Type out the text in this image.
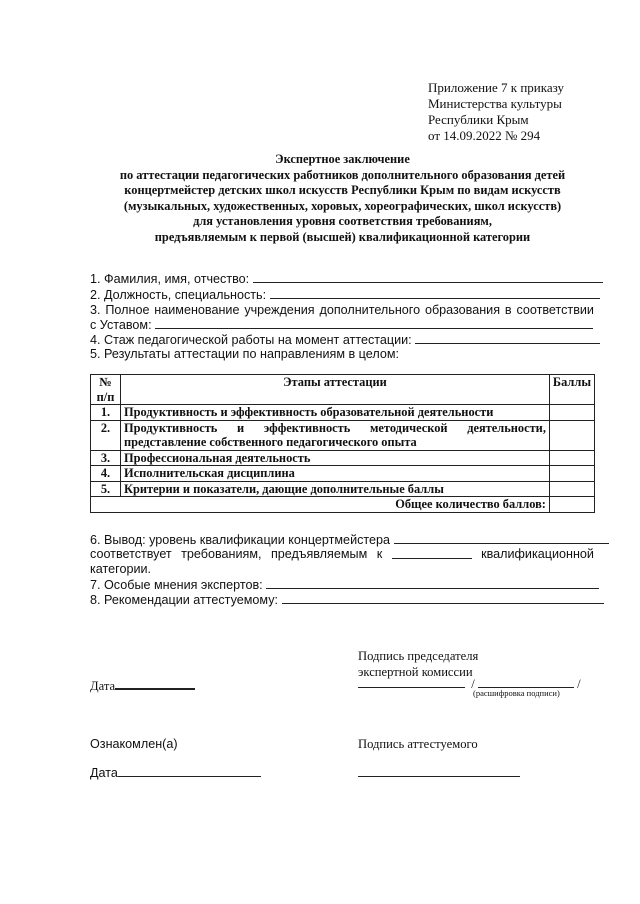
Приложение 7 к приказу
Министерства культуры
Республики Крым
от 14.09.2022 № 294
Экспертное заключение
по аттестации педагогических работников дополнительного образования детей
концертмейстер детских школ искусств Республики Крым по видам искусств
(музыкальных, художественных, хоровых, хореографических, школ искусств)
для установления уровня соответствия требованиям,
предъявляемым к первой (высшей) квалификационной категории
1. Фамилия, имя, отчество:
2. Должность, специальность:
3. Полное наименование учреждения дополнительного образования в соответствии
с Уставом:
4. Стаж педагогической работы на момент аттестации:
5. Результаты аттестации по направлениям в целом:
№ п/п	Этапы аттестации	Баллы
1.	Продуктивность и эффективность образовательной деятельности	
2.	Продуктивность и эффективность методической деятельности,
представление собственного педагогического опыта	

3.	Профессиональная деятельность	
4.	Исполнительская дисциплина	
5.	Критерии и показатели, дающие дополнительные баллы	
Общее количество баллов:		
6. Вывод: уровень квалификации концертмейстера
соответствует требованиям, предъявляемым к	квалификационной
категории.
7. Особые мнения экспертов:
8. Рекомендации аттестуемому:
Подпись председателя
экспертной комиссии
/	/
(расшифровка подписи)
Дата
Ознакомлен(а)	Подпись аттестуемого
Дата
